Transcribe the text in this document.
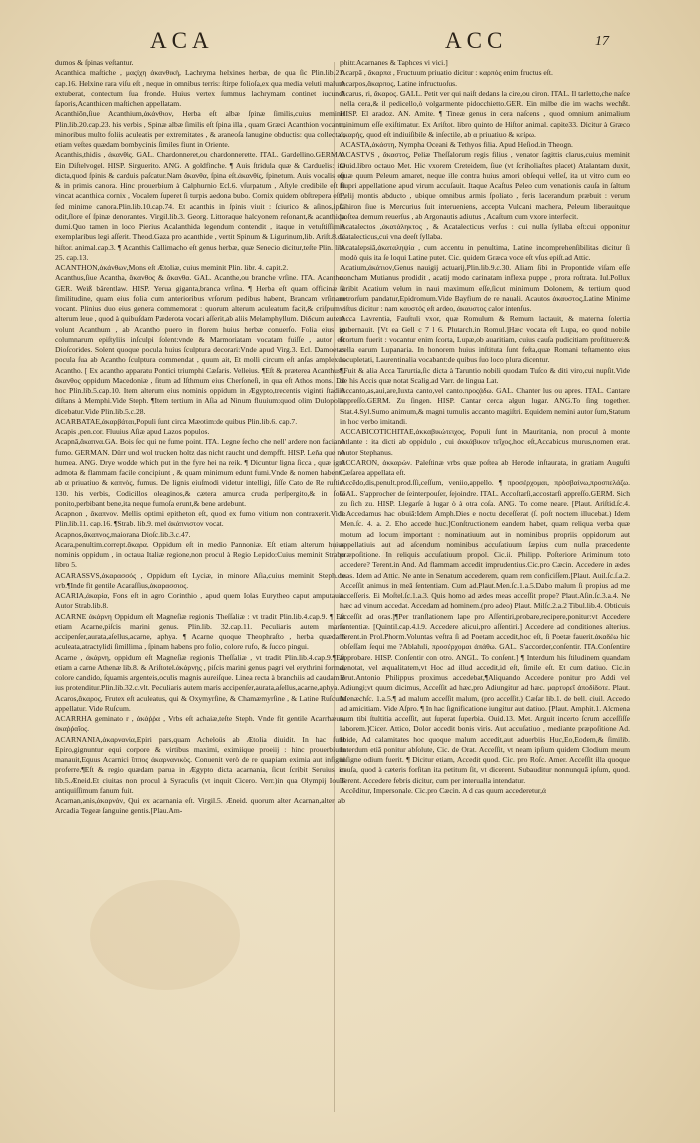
ACA	ACC	17

dumos & ſpinas veſtantur.

Acanthica maſtiche , μαςίχη ἀκανθικὴ, Lachryma helxines herbæ, de qua ſic Plin.lib.21. cap.16. Helxine rara viſu eſt , neque in omnibus terris: ſtirpe folioſa,ex qua media veluti malum extuberat, contectum ſua fronde. Huius vertex ſummus lachrymam continet iucundi ſaporis,Acanthicen maſtichen appellatam.

Acanthiōn,ſiue Acanthium,ἀκάνθιον, Herba eſt albæ ſpinæ ſimilis,cuius meminit Plin.lib.20.cap.23. his verbis , Spinæ albæ ſimilis eſt ſpina illa , quam Græci Acanthion vocant , minoribus multo foliis aculeatis per extremitates , & araneoſa lanugine obductis: qua collecta , etiam veſtes quædam bombycinis ſimiles fiunt in Oriente.

Acanthis,thidis , ἀκανθὶς. GAL. Chardonneret,ou chardonnerette. ITAL. Gardellino.GERMA. Ein Diſtelvogel. HISP. Sirguerito. ANG. A goldfinche. ¶ Auis ſtridula quæ & Carduelis: ita dicta,quod ſpinis & carduis paſcatur.Nam ἄκανθα, ſpina eſt.ἀκανθίς, ſpinetum. Auis vocalis eſt & in primis canora. Hinc prouerbium à Calphurnio Ecl.6. vſurpatum , Aſtyle credibile eſt ſi vincat acanthica cornix , Vocalem ſuperet ſi turpis aedona bubo. Cornix quidem obſtreperа eſt , ſed minime canora.Plin.lib.10.cap.74. Et acanthis in ſpinis viuit : ſciurico & aſinos,ipſa odit,ſlore eſ ſpinæ denorantes. Virgil.lib.3. Georg. Littoraque halcyonem reſonant,& acanthida dumi.Quo tamen in loco Pierius Acalanthida legendum contendit , itaque in vetuſtiſſimis exemplaribus legi aſſerit. Theod.Gaza pro acanthide , vertit Spinum & Ligurinum,lib. Ariſt.8.de hiſtor. animal.cap.3. ¶ Acanthis Callimacho eſt genus herbæ, quæ Senecio dicitur,teſte Plin. lib. 25. cap.13.

ACANTHON,ἀκάνθων,Mons eſt Ætoliæ, cuius meminit Plin. libr. 4. capit.2.

Acanthus,ſiue Acantha, ἄκανθος & ἄκανθα. GAL. Acanthe,ou branche vrſine. ITA. Acantho. GER. Weiß bärentlaw. HISP. Yerua giganta,branca vrſina. ¶ Herba eſt quam officinæ à ſimilitudine, quam eius folia cum anterioribus vrſorum pedibus habent, Brancam vrſinam vocant. Plinius duo eius genera commemorat : quorum alterum aculeatum facit,& criſpum : alterum leue , quod à quibuſdam Pæderota vocari aſſerit,ab aliis Melamphyllum. Diδcum autem volunt Acanthum , ab Acantho puero in florem huius herbæ conuerſo. Folia eius in columnarum epiſtyliis inſculpi ſolent:vnde & Marmoriatam vocatam fuiſſe , autor eſt Dioſcorides. Solent quoque pocula huius ſculptura decorari:Vnde apud Virg.3. Ecl. Damoetas pocula ſua ab Acantho ſculptura commendat , quum ait, Et molli circum eſt anſas amplexus Acantho. [ Ex acantho apparatu Pontici triumphi Cæſaris. Velleius. ¶Eſt & præterea Acanthus , ἄκανθος oppidum Macedoniæ , ſitum ad Iſthmum eius Cherſoneſi, in qua eſt Athos mons. De hoc Plin.lib.5.cap.10. Item alterum eius nominis oppidum in Ægypto,trecentis viginti ſtadiis diſtans à Memphi.Vide Steph. ¶Item tertium in Aſia ad Ninum fluuium:quod olim Dulopolis dicebatur.Vide Plin.lib.5.c.28.

ACARBATAE,ἀκαρβάται,Populi ſunt circa Mæotim:de quibus Plin.lib.6. cap.7.

Acapis ,pen.cor. Fluuius Aſiæ apud Lazos populos.

Acapnā,ἄκαπνα.GA. Bois ſec qui ne fume point. ITA. Legne ſecho che nell' ardere non faciano fumo. GERMAN. Dürr und wol trucken holtz das nicht raucht und dempfft. HISP. Leña que no humea. ANG. Drye wodde which put in the fyre hei na reik. ¶ Dicuntur ligna ſicca , quæ igni admota & flammam facile concipiunt , & quam minimum edunt fumi.Vnde & nomen habent , ab α priuatiuo & καπνὸς, fumus. De lignis eiuſmodi videtur intelligi, ſiſſe Cato de Re ruſtic. 130. his verbis, Codicillos oleaginos,& cætera amurca cruda perſpergito,& in ſole ponito,perbibant bene,ita neque fumoſa erunt,& bene ardebunt.

Acapnon , ἄκαπνον. Mellis optimi epitheton eſt, quod ex fumo vitium non contraxerit.Vide Plin.lib.11. cap.16. ¶Strab. lib.9. mel ἀκάπνιστον vocat.

Acapnos,ἄκαπνος,maiorana Dioſc.lib.3.c.47.

Acara,penultim.corrept.ἄκαρα. Oppidum eſt in medio Pannoniæ. Eſt etiam alterum huius nominis oppidum , in octaua Italiæ regione,non procul à Regio Lepido:Cuius meminit Strabo libro 5.

ACARASSVS,ἀκαρασσός , Oppidum eſt Lyciæ, in minore Aſia,cuius meminit Steph.de vrb.¶Inde fit gentile Acaraſſius,ἀκαρασσιος.

ACARIA,ἀκαρία, Fons eſt in agro Corinthio , apud quem Iolas Eurytheo caput amputauit. Autor Strab.lib.8.

ACARNE ἀκάρνη Oppidum eſt Magneſiæ regionis Theſſaliæ : vt tradit Plin.lib.4.cap.9. ¶ Eſt etiam Acarne,piſcis marini genus. Plin.lib. 32.cap.11. Peculiaris autem maris accipenſer,aurata,aſellus,acarne, aphya. ¶ Acarne quoque Theophraſto , herba quædam aculeata,atractylidi ſimillima , ſpinam habens pro folio, colore rufo, & ſucco pingui.

Acarne , ἀκάρνη, oppidum eſt Magneſiæ regionis Theſſaliæ , vt tradit Plin.lib.4.cap.9.¶Eſt etiam a carne Athenæ lib.8. & Ariſtotel.ἀκάρνης , piſcis marini genus pagri vel erythrini forma, colore candido, ſquamis argenteis,oculis magnis aureiſque. Linea recta à branchiis ad caudam e ius protenditur.Plin.lib.32.c.vlt. Peculiaris autem maris accipenſer,aurata,aſellus,acarne,aphya.

Acaros,ἄκαρος, Frutex eſt aculeatus, qui & Oxymyrſine, & Chamæmyrſine , & Latine Ruſcum appellatur. Vide Ruſcum.

ACARRHA geminato r , ἀκάῤῥα , Vrbs eſt achaiæ,teſte Steph. Vnde fit gentile Acarrhæus, ἀκαῤῥαῖος.

ACARNANIA,ἀκαρνανία,Epiri pars,quam Acheloüs ab Ætolia diuidit. In hac ſunt Epiro,gignuntur equi corpore & virtibus maximi, eximiique proeiij : hinc prouerbium manauit,Equus Acarnici ἵππος ἀκαρνανικὸς. Conuenit verò de re quapiam eximia aut inſigni proferre.¶Eſt & regio quædam parua in Ægypto dicta acarnania, ſicut ſcribit Seruius in lib.5.Æneid.Et ciuitas non procul à Syracuſis (vt inquit Cicero. Verr.)in qua Olympij Iouis antiquiſſimum fanum fuit.

Acarnan,anis,ἀκαρνάν, Qui ex acarnania eſt. Virgil.5. Æneid. quorum alter Acarnan,alter ab Arcadia Tegeæ ſanguine gentis.[Plau.Am-

phitr.Acarnanes & Taphces vi vici.]

Acarpā , ἄκαρπα , Fructuum priuatio dicitur : καρπός enim fructus eſt.

Acarpos,ἄκαρπος, Latine infructuoſus.

Acarus, ri, ἄκαρος. GALL. Petit ver qui naiſt dedans la cire,ou ciron. ITAL. Il tarletto,che naſce nella cera,& il pedicello,ò volgarmente pidocchietto.GER. Ein milbe die im wachs wechßt. HISP. El aradoz. AN. Amite. ¶ Tineæ genus in cera naſcens , quod omnium animalium minimum eſſe exiſtimatur. Ex Ariſtot. libro quinto de Hiſtor animal. capite33. Dicitur à Græco ἀκαρής, quod eſt indiuiſibile & inſectile, ab α priuatiuo & κείρω.

ACASTA,ἀκάστη, Nympha Oceani & Tethyos filia. Apud Heſiod.in Theogn.

ACASTVS , ἄκαστος, Peliæ Theſſalorum regis filius , venator ſagittis clarus,cuius meminit Ouid.libro octauo Met. Hic vxorem Creteidem, ſiue (vt ſcriholiaſtes placet) Atalantam duxit, quæ quum Peleum amaret, neque ille contra huius amori obſequi velleſ, ita ut vitro cum eo ſtuprі appellatione apud virum accuſauit. Itaque Acaſtus Peleo cum venationis cauſa in ſaltum Pelij montis abducto , ubique omnibus armis ſpoliato , feris lacerandum præbuit : verum Chiron ſiue is Mercurius ſuit interueniens, accepta Vulcani machera, Peleum liberauitque poſtea demum reuerſus , ab Argonautis adiutus , Acaſtum cum vxore interfecit.

Acatalectos ,ἀκατάληκτος , & Acatalecticus verſus : cui nulla ſyllaba eſt:cui opponitur Catalecticus,cui vna deeſt ſyllaba.

Acatalepsiā,ἀκαταληψία , cum accentu in penultima, Latine incomprehenſibilitas dicitur ſi modò quis ita ſe loqui Latine putet. Cic. quidem Græca voce eſt vſus epiſt.ad Attic.

Acatium,ἀκάτιον,Genus nauigij actuarij,Plin.lib.9.c.30. Aliam ſibi in Propontide viſam eſſe concham Mutianus prodidit , acatij modo carinatam inflexa puppe , prora roſtrata. Iul.Pollux ſcribit Acatium velum in naui maximum eſſe,ſicut minimum Dolonem, & tertium quod retrorſum pandatur,Epidromum.Vide Bayfium de re nauali. Acautos ἀκαυστος,Latine Minime viſtus dicitur : nam καυστός eſt ardeo, ἀκαυστος calor intenſus.

Acca Lavrentia, Fauſtuli vxor, quæ Romulum & Remum lactauit, & materna ſolertia gubernauit. [Vt ea Gell c 7 l 6. Plutarch.in Romul.]Hæc vocata eſt Lupa, eo quod nobile ſcortum fuerit : vocantur enim ſcorta, Lupæ,ob auaritiam, cuius cauſa pudicitiam proſtituere:& cella earum Lupanaria. In honorem huius inſtituta ſunt feſta,quæ Romani teſtamento eius locupletati, Laurentinalia vocabant:de quibus ſuo loco plura dicentur.

¶Fuit & alia Acca Tarurtia,ſic dicta à Taruntio nobili quodam Tuſco & diti viro,cui nupſit.Vide de his Accis quæ notat Scalig.ad Varr. de lingua Lat.

Accanto,as,aui,are,Iuxta canto,vel canto.προςᾴδω. GAL. Chanter lus ou apres. ITAL. Cantare appreſſo.GERM. Zu ſingen. HISP. Cantar cerca algun lugar. ANG.To ſing together. Stat.4.Syl.Sumo animum,& magni tumulis accanto magiſtri. Equidem nemini autor ſum,Statum in hoc verbo imitandi.

ACCABICOTICHITAE,ἀκκαβικώτειχος, Populi ſunt in Mauritania, non procul à monte Atlante : ita dicti ab oppidulo , cui ἀκκάβικον τεῖχος,hoc eſt,Accabicus murus,nomen erat. Autor Stephanus.

ACCARON, ἀκκαρὼν. Paleſtinæ vrbs quæ poſtea ab Herode inſtaurata, in gratiam Auguſti Cæſarea appellata eſt.

Accēdo,dis,penult.prod.ſſi,ceſſum, veniio,appello. ¶ προσέρχομαι, πρὸσβαίνω,προσπελάζω. GAL. S'approcher de ſeinterpouſer, ſejoindre. ITAL. Accoſtarſi,accostarſi appreſſo.GERM. Sich zu ſich zu. HISP. Llegarſe à lugar ò à otra coſa. ANG. To come neare. [Plaut. Ariſtid.ſc.4. 1.Accedamus hac obuiā:Idem Amph.Dies e noctu deceſſerat (ſ. poſt noctem illucebat.) Idem Men.ſc. 4. a. 2. Eho accede huc.]Conſtructionem eandem habet, quam reliqua verba quæ motum ad locum important : nominatiuum aut in nominibus propriis oppidorum aut appellatiuis aut ad aſcendum nominibus accuſatiuum ſæpius cum nulla præcedente præpoſitione. In reliquis accuſatiuum propol. Cic.ii. Philipp. Poſteriore Ariminum toto accedere? Terent.in And. Ad flammam accedit imprudentius.Cic.pro Cæcin. Accedere in ædes tuas. Idem ad Attic. Ne ante in Senatum accederem, quam rem conficiſſem.[Plaut. Auil.ſc.ſ.a.2. Acceſſit animus in meā ſententiam. Cum ad.Plaut.Men.ſc.1.a.5.Dabo malum ſi propius ad me acceſſeris. Ei Moſtel.ſc.1.a.3. Quis homo ad ædes meas acceſſit prope? Plaut.Aſin.ſc.3.a.4. Ne hæc ad vinum accedat. Accedam ad hominem.(pro adeo) Plaut. Milſc.2.a.2 Tibul.lib.4. Obticuis acceſſit ad oras.]¶Per tranſlationem lape pro Aſſentiri,probare,recipere,ponitur:vt Accedere ſententiæ. [Quintil.cap.4.l.9. Accedere alicui,pro aſſentiri.] Accedere ad conditiones alterius. Terent.in Prol.Phorm.Voluntas veſtra ſi ad Poetam accedit,hoc eſt, ſi Poetæ fauerit.ἀκαδέω hic obſeſſam ſequi me ?Ablahıli, προσέρχομαι ἀπάθω. GAL. S'accorder,conſentir. ITA.Conſentire approbare. HISP. Conſentir con otro. ANGL. To conſent.] ¶ Interdum his ſtiludinem quandam denotat, vel æqualitatem,vt Hoc ad illud accedit,id eſt, ſimile eſt. Et cum datiuo. Cic.in Brut.Antonio Philippus proximus accedebat,¶Aliquando Accedere ponitur pro Addi vel Adiungi;vt quum dicimus, Acceſſit ad hæc,pro Adiungitur ad hæc. μαρτυρεῖ ἀποδίδοτε. Plaut. Menæchſc. 1.a.5.¶ ad malum acceſſit malum, (pro acceſſit.) Cæſar lib.1. de bell. ciuil. Accedo ad amicitiam. Vide Aſpro. ¶ In hac ſignificatione iungitur aut datiuo. [Plaut. Amphit.1. Alcmena num tibi ſtultitia acceſſit, aut ſuperat ſuperbia. Ouid.13. Met. Arguit incerto ſcrum acceſſiſſe laborem.]Cicer. Attico, Dolor accedit bonis viris. Aut accuſatiuo , mediante præpoſitione Ad. Ibide, Ad calamitates hoc quoque malum accedit,aut aduerbiis Huc,Eo,Eodem,& ſimilib. Interdum etiā ponitur abſolute, Cic. de Orat. Acceſſit, vt neam ipſium quidem Clodium meum inſigne odium fuerit. ¶ Dicitur etiam, Accedit quod. Cic. pro Roſc. Amer. Acceſſit illa quoque cauſa, quod à cæteris forſitan ita petitum ſit, vt dicerent. Subauditur nonnunquā ipſum, quod. Terent. Accedere febris dicitur, cum per interualla intendatur.

Accēditur, Impersonale. Cic.pro Cæcin. A d cas quum accederetur,ἀ
